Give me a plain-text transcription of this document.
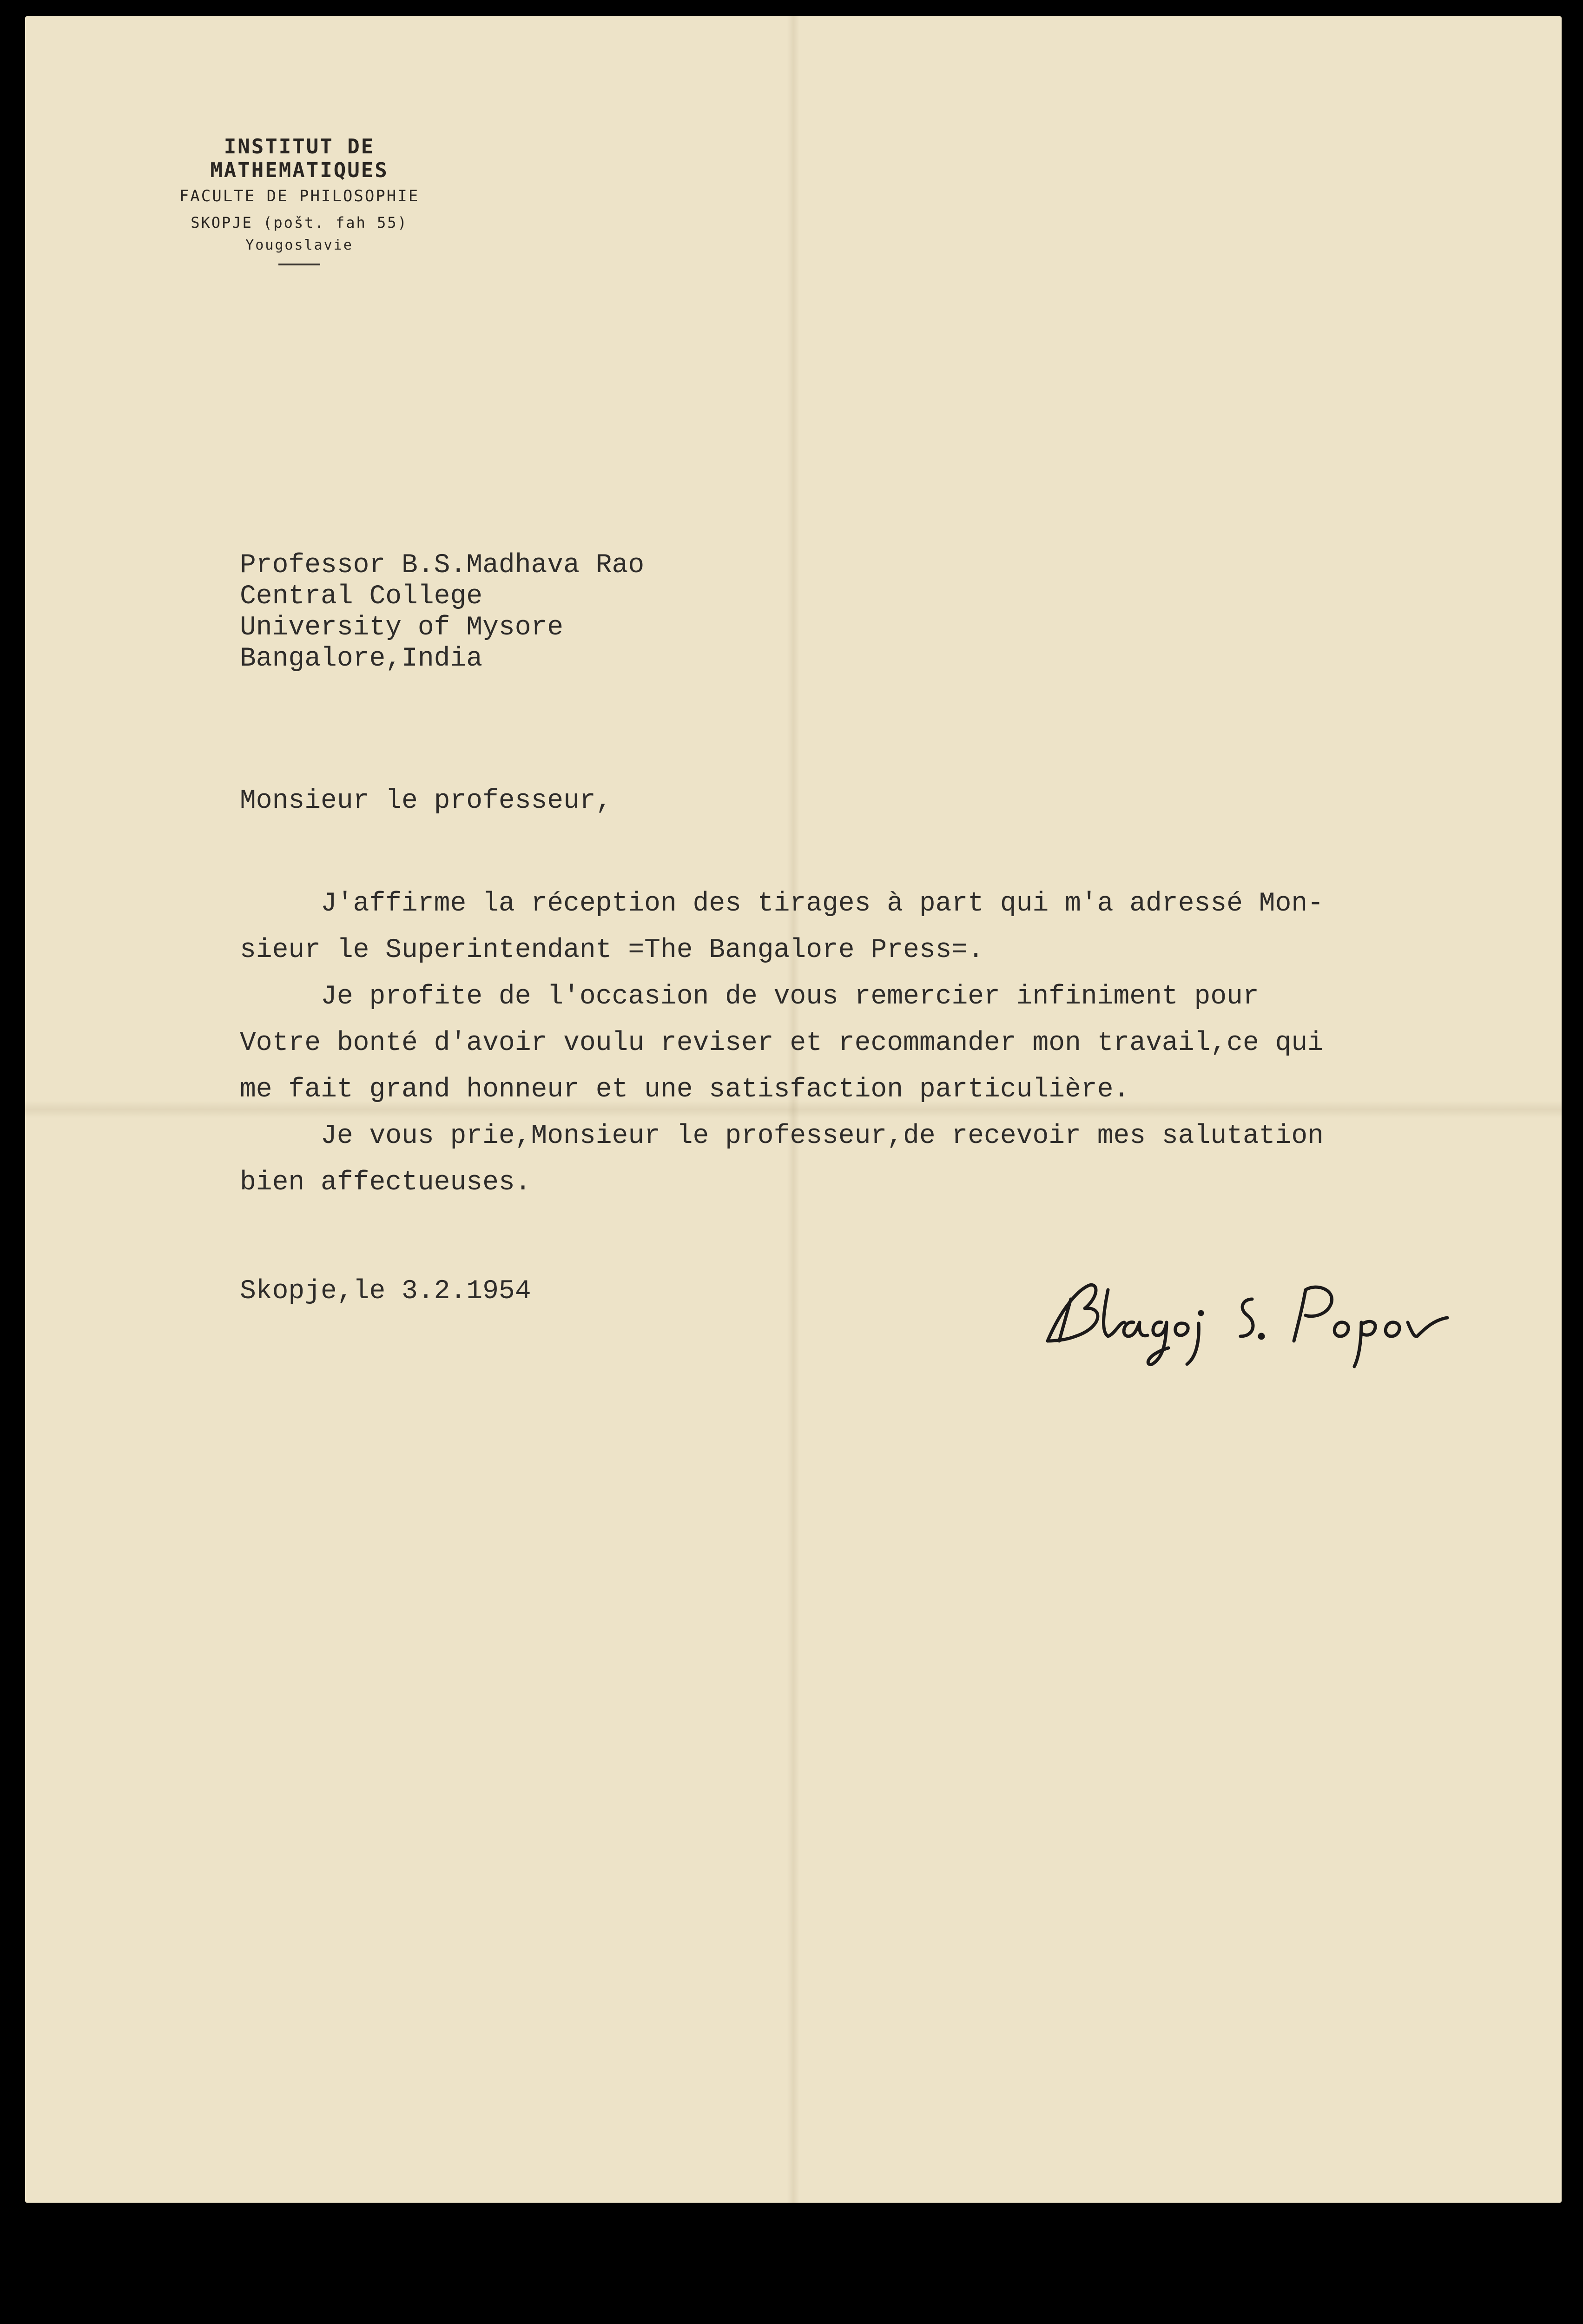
INSTITUT DE MATHEMATIQUES
FACULTE DE PHILOSOPHIE
SKOPJE (pošt. fah 55)
Yougoslavie
Professor B.S.Madhava Rao
Central College
University of Mysore
Bangalore,India
Monsieur le professeur,
J'affirme la réception des tirages à part qui m'a adressé Mon-
sieur le Superintendant =The Bangalore Press=.
Je profite de l'occasion de vous remercier infiniment pour
Votre bonté d'avoir voulu reviser et recommander mon travail,ce qui
me fait grand honneur et une satisfaction particulière.
Je vous prie,Monsieur le professeur,de recevoir mes salutation
bien affectueuses.
Skopje,le 3.2.1954
